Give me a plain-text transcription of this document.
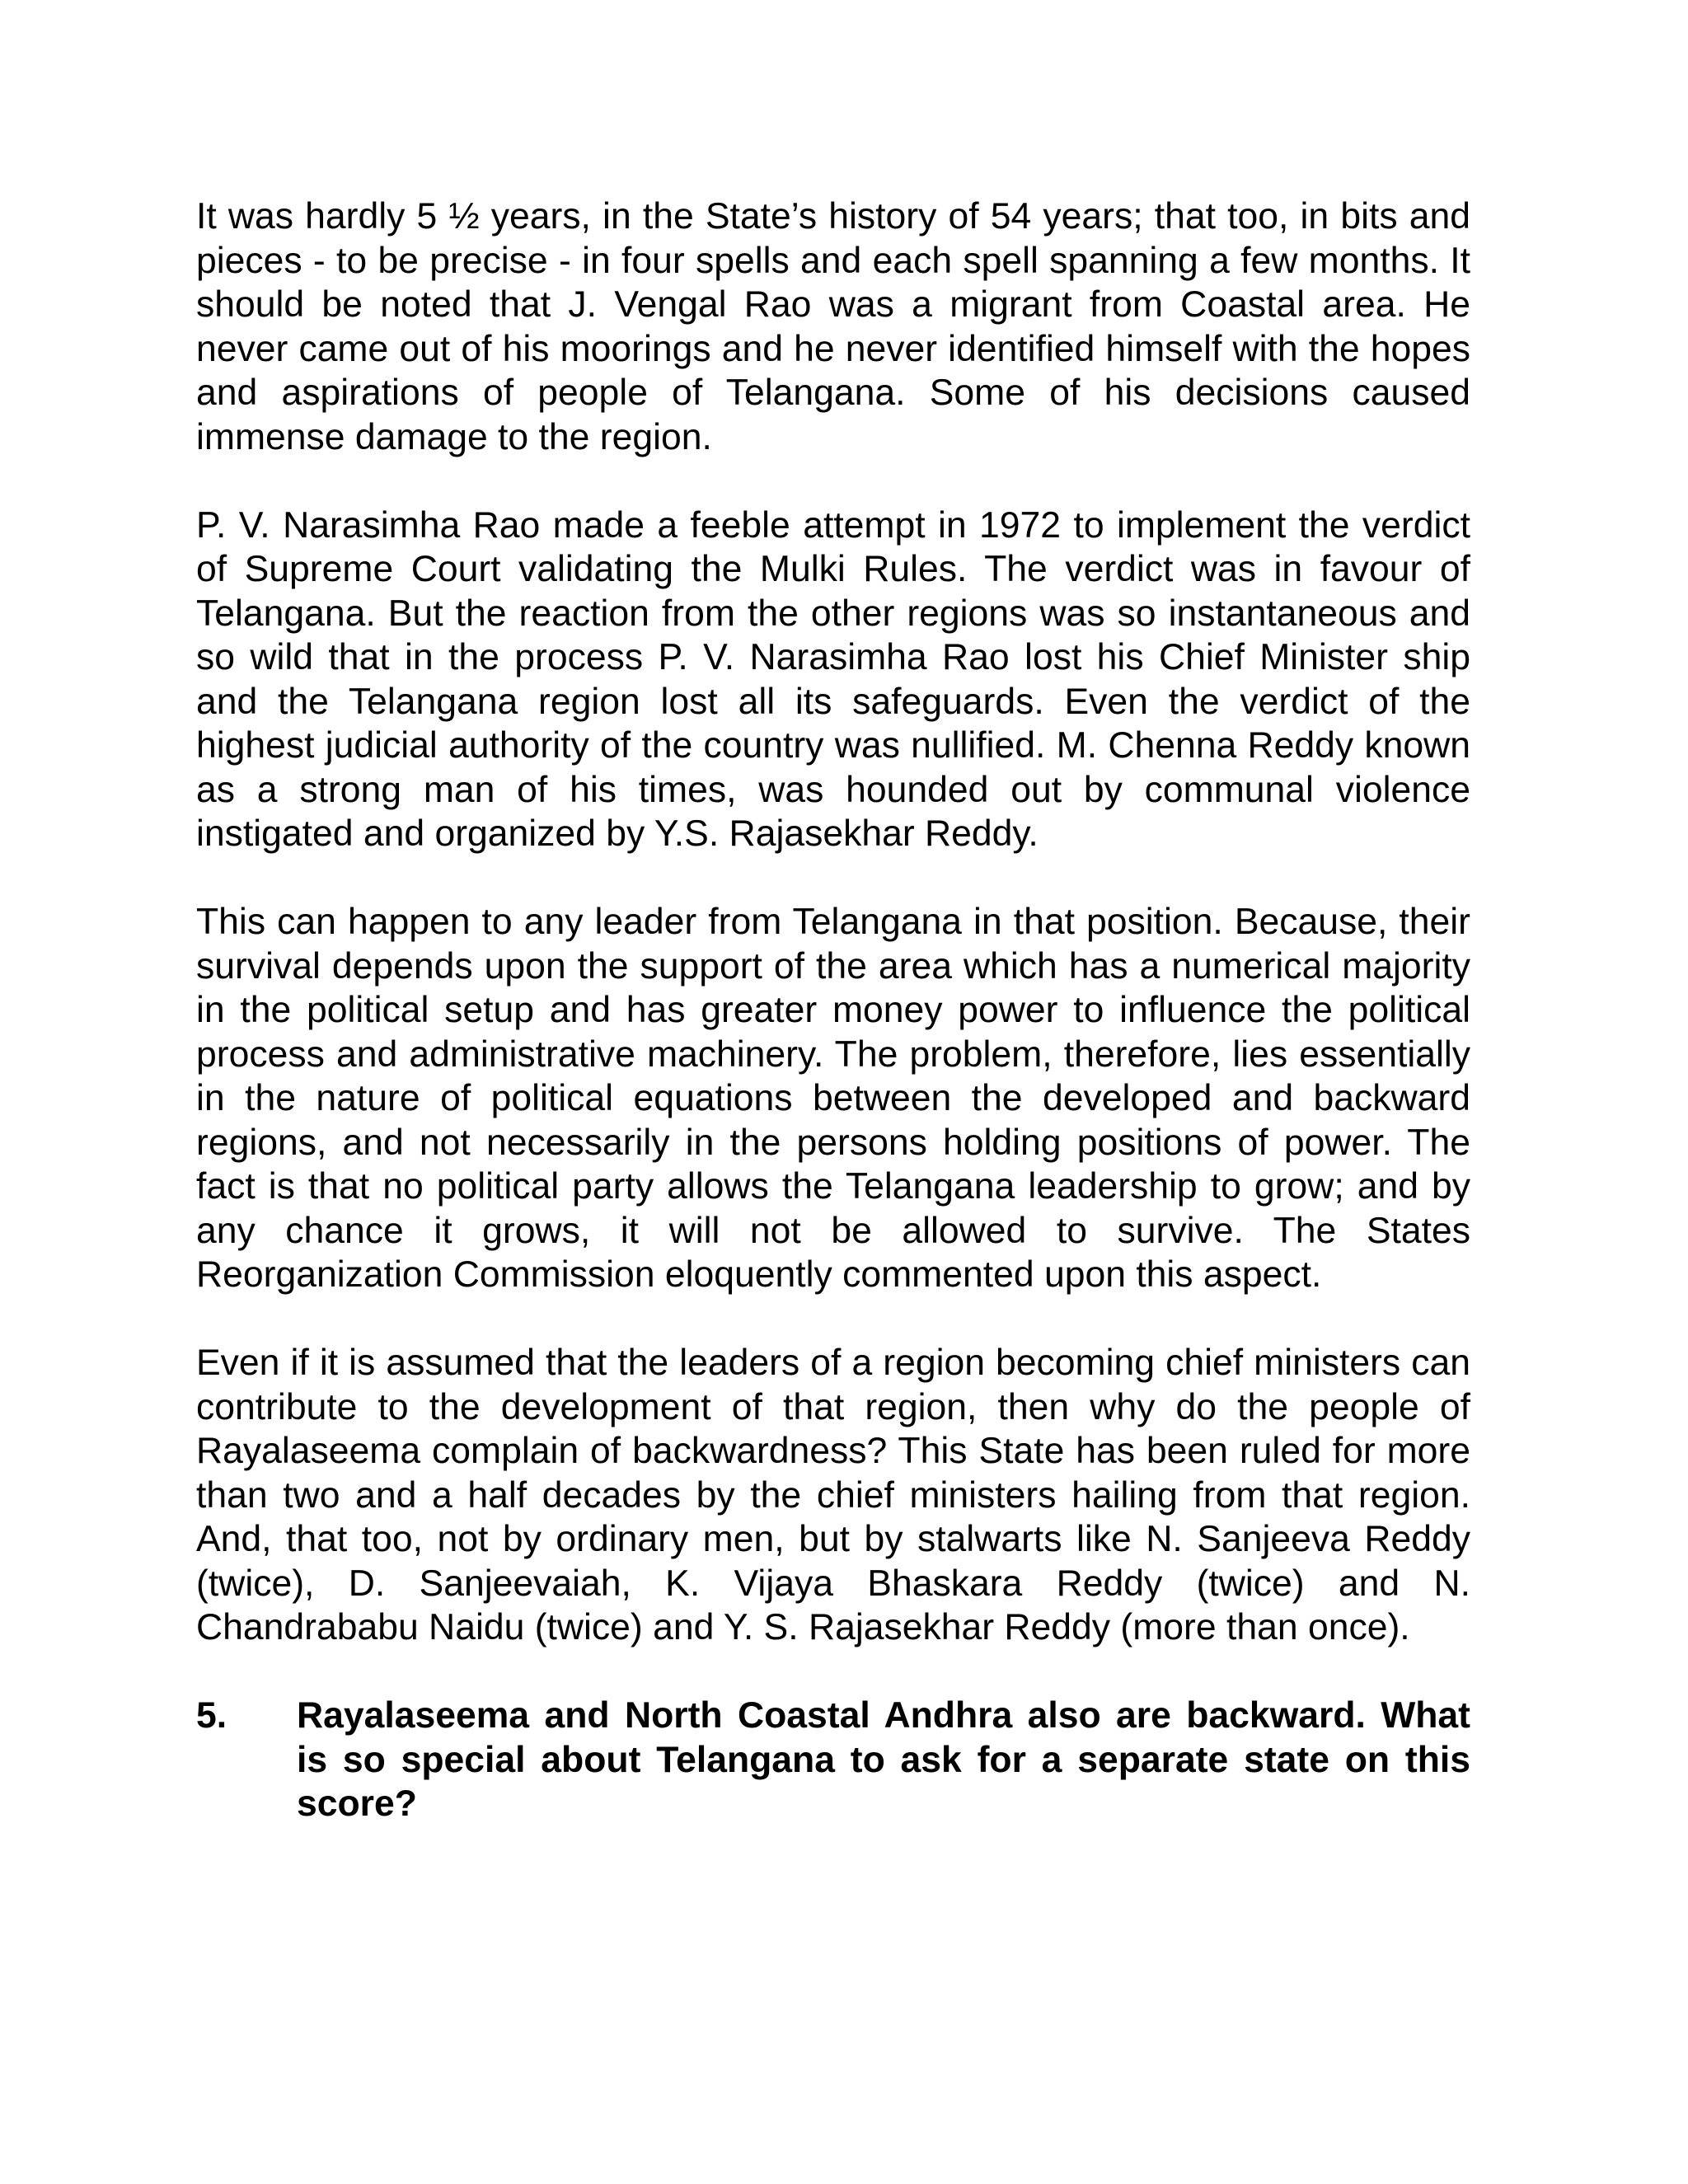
It was hardly 5 ½ years, in the State’s history of 54 years; that too, in bits and pieces - to be precise - in four spells and each spell spanning a few months. It should be noted that J. Vengal Rao was a migrant from Coastal area. He never came out of his moorings and he never identified himself with the hopes and aspirations of people of Telangana. Some of his decisions caused immense damage to the region.

P. V. Narasimha Rao made a feeble attempt in 1972 to implement the verdict of Supreme Court validating the Mulki Rules. The verdict was in favour of Telangana. But the reaction from the other regions was so instantaneous and so wild that in the process P. V. Narasimha Rao lost his Chief Minister ship and the Telangana region lost all its safeguards. Even the verdict of the highest judicial authority of the country was nullified. M. Chenna Reddy known as a strong man of his times, was hounded out by communal violence instigated and organized by Y.S. Rajasekhar Reddy.

This can happen to any leader from Telangana in that position. Because, their survival depends upon the support of the area which has a numerical majority in the political setup and has greater money power to influence the political process and administrative machinery. The problem, therefore, lies essentially in the nature of political equations between the developed and backward regions, and not necessarily in the persons holding positions of power. The fact is that no political party allows the Telangana leadership to grow; and by any chance it grows, it will not be allowed to survive. The States Reorganization Commission eloquently commented upon this aspect.

Even if it is assumed that the leaders of a region becoming chief ministers can contribute to the development of that region, then why do the people of Rayalaseema complain of backwardness? This State has been ruled for more than two and a half decades by the chief ministers hailing from that region. And, that too, not by ordinary men, but by stalwarts like N. Sanjeeva Reddy (twice), D. Sanjeevaiah, K. Vijaya Bhaskara Reddy (twice) and N. Chandrababu Naidu (twice) and Y. S. Rajasekhar Reddy (more than once).

5.	Rayalaseema and North Coastal Andhra also are backward. What is so special about Telangana to ask for a separate state on this score?
